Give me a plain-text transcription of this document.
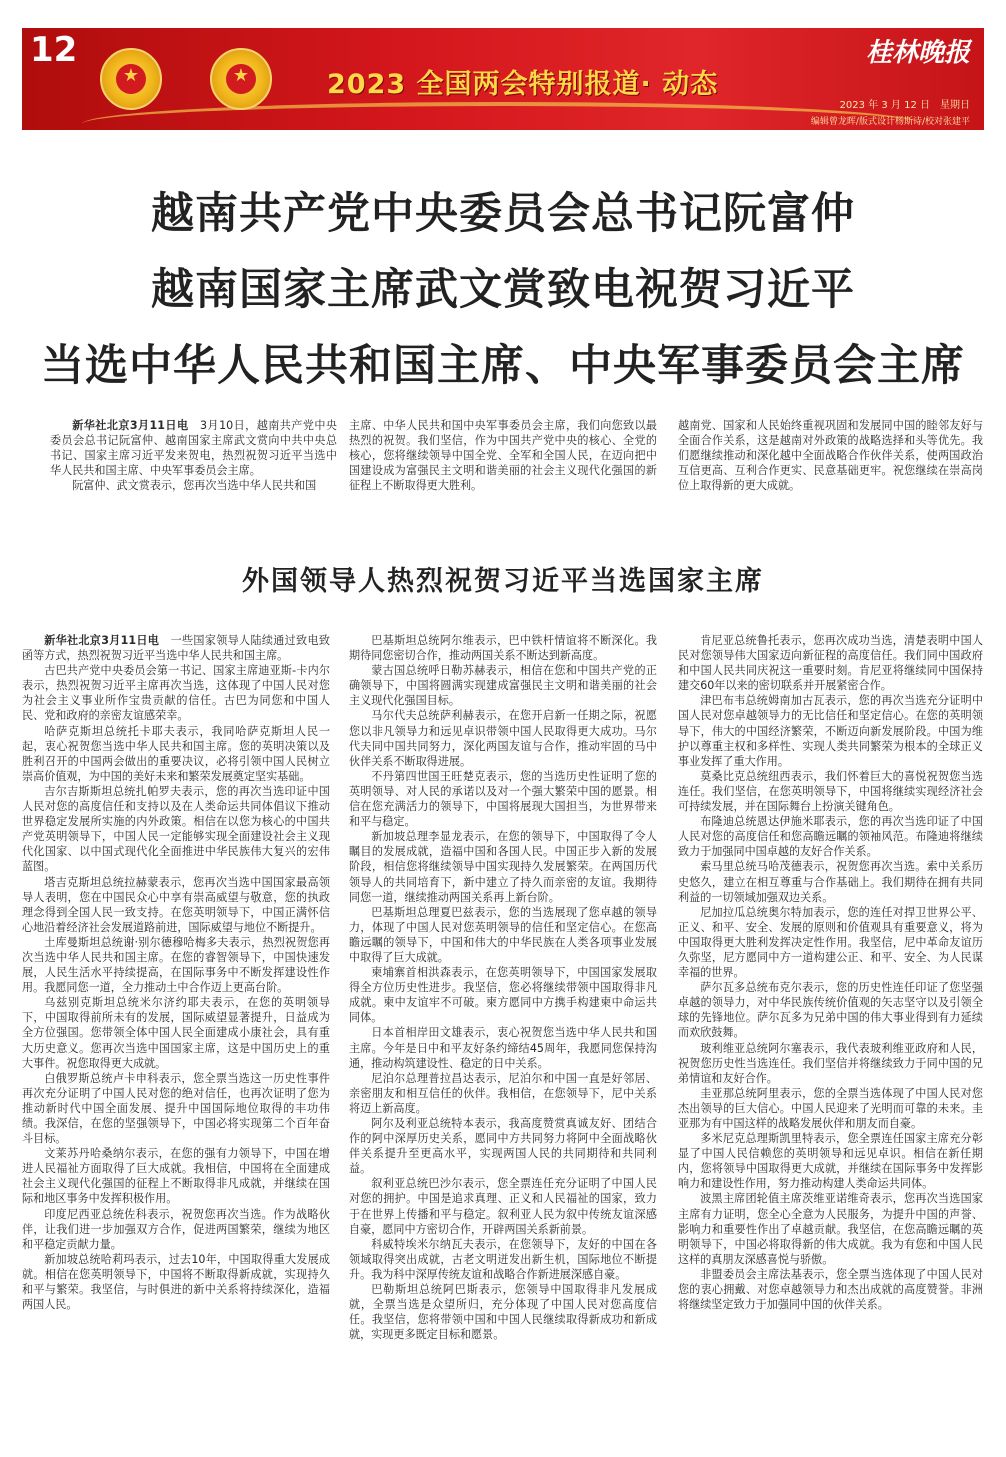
12
★	★	2023 全国两会特别报道· 动态
桂林晚报
2023 年 3 月 12 日　星期日
编辑曾龙晖/版式设计杨斯诗/校对张建平
越南共产党中央委员会总书记阮富仲
越南国家主席武文赏致电祝贺习近平
当选中华人民共和国主席、中央军事委员会主席

新华社北京3月11日电　 3月10日，越南共产党中央委员会总书记阮富仲、越南国家主席武文赏向中共中央总书记、国家主席习近平发来贺电，热烈祝贺习近平当选中华人民共和国主席、中央军事委员会主席。

阮富仲、武文赏表示，您再次当选中华人民共和国

主席、中华人民共和国中央军事委员会主席，我们向您致以最热烈的祝贺。我们坚信，作为中国共产党中央的核心、全党的核心，您将继续领导中国全党、全军和全国人民，在迈向把中国建设成为富强民主文明和谐美丽的社会主义现代化强国的新征程上不断取得更大胜利。

越南党、国家和人民始终重视巩固和发展同中国的睦邻友好与全面合作关系，这是越南对外政策的战略选择和头等优先。我们愿继续推动和深化越中全面战略合作伙伴关系，使两国政治互信更高、互利合作更实、民意基础更牢。祝您继续在崇高岗位上取得新的更大成就。

外国领导人热烈祝贺习近平当选国家主席

新华社北京3月11日电　 一些国家领导人陆续通过致电致函等方式，热烈祝贺习近平当选中华人民共和国主席。

古巴共产党中央委员会第一书记、国家主席迪亚斯-卡内尔表示，热烈祝贺习近平主席再次当选，这体现了中国人民对您为社会主义事业所作宝贵贡献的信任。古巴为同您和中国人民、党和政府的亲密友谊感荣幸。

哈萨克斯坦总统托卡耶夫表示，我同哈萨克斯坦人民一起，衷心祝贺您当选中华人民共和国主席。您的英明决策以及胜利召开的中国两会做出的重要决议，必将引领中国人民树立崇高价值观，为中国的美好未来和繁荣发展奠定坚实基础。

吉尔吉斯斯坦总统扎帕罗夫表示，您的再次当选印证中国人民对您的高度信任和支持以及在人类命运共同体倡议下推动世界稳定发展所实施的内外政策。相信在以您为核心的中国共产党英明领导下，中国人民一定能够实现全面建设社会主义现代化国家、以中国式现代化全面推进中华民族伟大复兴的宏伟蓝图。

塔吉克斯坦总统拉赫蒙表示，您再次当选中国国家最高领导人表明，您在中国民众心中享有崇高威望与敬意，您的执政理念得到全国人民一致支持。在您英明领导下，中国正满怀信心地沿着经济社会发展道路前进，国际威望与地位不断提升。

土库曼斯坦总统谢·别尔德穆哈梅多夫表示，热烈祝贺您再次当选中华人民共和国主席。在您的睿智领导下，中国快速发展，人民生活水平持续提高，在国际事务中不断发挥建设性作用。我愿同您一道，全力推动土中合作迈上更高台阶。

乌兹别克斯坦总统米尔济约耶夫表示，在您的英明领导下，中国取得前所未有的发展，国际威望显著提升，日益成为全方位强国。您带领全体中国人民全面建成小康社会，具有重大历史意义。您再次当选中国国家主席，这是中国历史上的重大事件。祝您取得更大成就。

白俄罗斯总统卢卡申科表示，您全票当选这一历史性事件再次充分证明了中国人民对您的绝对信任，也再次证明了您为推动新时代中国全面发展、提升中国国际地位取得的丰功伟绩。我深信，在您的坚强领导下，中国必将实现第二个百年奋斗目标。

文莱苏丹哈桑纳尔表示，在您的强有力领导下，中国在增进人民福祉方面取得了巨大成就。我相信，中国将在全面建成社会主义现代化强国的征程上不断取得非凡成就，并继续在国际和地区事务中发挥积极作用。

印度尼西亚总统佐科表示，祝贺您再次当选。作为战略伙伴，让我们进一步加强双方合作，促进两国繁荣，继续为地区和平稳定贡献力量。

新加坡总统哈莉玛表示，过去10年，中国取得重大发展成就。相信在您英明领导下，中国将不断取得新成就，实现持久和平与繁荣。我坚信，与时俱进的新中关系将持续深化，造福两国人民。

巴基斯坦总统阿尔维表示，巴中铁杆情谊将不断深化。我期待同您密切合作，推动两国关系不断达到新高度。

蒙古国总统呼日勒苏赫表示，相信在您和中国共产党的正确领导下，中国将圆满实现建成富强民主文明和谐美丽的社会主义现代化强国目标。

马尔代夫总统萨利赫表示，在您开启新一任期之际，祝愿您以非凡领导力和远见卓识带领中国人民取得更大成功。马尔代夫同中国共同努力，深化两国友谊与合作，推动牢固的马中伙伴关系不断取得进展。

不丹第四世国王旺楚克表示，您的当选历史性证明了您的英明领导、对人民的承诺以及对一个强大繁荣中国的愿景。相信在您充满活力的领导下，中国将展现大国担当，为世界带来和平与稳定。

新加坡总理李显龙表示，在您的领导下，中国取得了令人瞩目的发展成就，造福中国和各国人民。中国正步入新的发展阶段，相信您将继续领导中国实现持久发展繁荣。在两国历代领导人的共同培育下，新中建立了持久而亲密的友谊。我期待同您一道，继续推动两国关系再上新台阶。

巴基斯坦总理夏巴兹表示，您的当选展现了您卓越的领导力，体现了中国人民对您英明领导的信任和坚定信心。在您高瞻远瞩的领导下，中国和伟大的中华民族在人类各项事业发展中取得了巨大成就。

柬埔寨首相洪森表示，在您英明领导下，中国国家发展取得全方位历史性进步。我坚信，您必将继续带领中国取得非凡成就。柬中友谊牢不可破。柬方愿同中方携手构建柬中命运共同体。

日本首相岸田文雄表示，衷心祝贺您当选中华人民共和国主席。今年是日中和平友好条约缔结45周年，我愿同您保持沟通，推动构筑建设性、稳定的日中关系。

尼泊尔总理普拉昌达表示，尼泊尔和中国一直是好邻居、亲密朋友和相互信任的伙伴。我相信，在您领导下，尼中关系将迈上新高度。

阿尔及利亚总统特本表示，我高度赞赏真诚友好、团结合作的阿中深厚历史关系，愿同中方共同努力将阿中全面战略伙伴关系提升至更高水平，实现两国人民的共同期待和共同利益。

叙利亚总统巴沙尔表示，您全票连任充分证明了中国人民对您的拥护。中国是追求真理、正义和人民福祉的国家，致力于在世界上传播和平与稳定。叙利亚人民为叙中传统友谊深感自豪，愿同中方密切合作，开辟两国关系新前景。

科威特埃米尔纳瓦夫表示，在您领导下，友好的中国在各领域取得突出成就，古老文明迸发出新生机，国际地位不断提升。我为科中深厚传统友谊和战略合作新进展深感自豪。

巴勒斯坦总统阿巴斯表示，您领导中国取得非凡发展成就，全票当选是众望所归，充分体现了中国人民对您高度信任。我坚信，您将带领中国和中国人民继续取得新成功和新成就，实现更多既定目标和愿景。

肯尼亚总统鲁托表示，您再次成功当选，清楚表明中国人民对您领导伟大国家迈向新征程的高度信任。我们同中国政府和中国人民共同庆祝这一重要时刻。肯尼亚将继续同中国保持建交60年以来的密切联系并开展紧密合作。

津巴布韦总统姆南加古瓦表示，您的再次当选充分证明中国人民对您卓越领导力的无比信任和坚定信心。在您的英明领导下，伟大的中国经济繁荣，不断迈向新发展阶段。中国为维护以尊重主权和多样性、实现人类共同繁荣为根本的全球正义事业发挥了重大作用。

莫桑比克总统纽西表示，我们怀着巨大的喜悦祝贺您当选连任。我们坚信，在您英明领导下，中国将继续实现经济社会可持续发展，并在国际舞台上扮演关键角色。

布隆迪总统恩达伊施米耶表示，您的再次当选印证了中国人民对您的高度信任和您高瞻远瞩的领袖风范。布隆迪将继续致力于加强同中国卓越的友好合作关系。

索马里总统马哈茂德表示，祝贺您再次当选。索中关系历史悠久，建立在相互尊重与合作基础上。我们期待在拥有共同利益的一切领域加强双边关系。

尼加拉瓜总统奥尔特加表示，您的连任对捍卫世界公平、正义、和平、安全、发展的原则和价值观具有重要意义，将为中国取得更大胜利发挥决定性作用。我坚信，尼中革命友谊历久弥坚，尼方愿同中方一道构建公正、和平、安全、为人民谋幸福的世界。

萨尔瓦多总统布克尔表示，您的历史性连任印证了您坚强卓越的领导力，对中华民族传统价值观的矢志坚守以及引领全球的先锋地位。萨尔瓦多为兄弟中国的伟大事业得到有力延续而欢欣鼓舞。

玻利维亚总统阿尔塞表示，我代表玻利维亚政府和人民，祝贺您历史性当选连任。我们坚信并将继续致力于同中国的兄弟情谊和友好合作。

圭亚那总统阿里表示，您的全票当选体现了中国人民对您杰出领导的巨大信心。中国人民迎来了光明而可靠的未来。圭亚那为有中国这样的战略发展伙伴和朋友而自豪。

多米尼克总理斯凯里特表示，您全票连任国家主席充分彰显了中国人民信赖您的英明领导和远见卓识。相信在新任期内，您将领导中国取得更大成就，并继续在国际事务中发挥影响力和建设性作用，努力推动构建人类命运共同体。

波黑主席团轮值主席茨维亚诺维奇表示，您再次当选国家主席有力证明，您全心全意为人民服务，为提升中国的声誉、影响力和重要性作出了卓越贡献。我坚信，在您高瞻远瞩的英明领导下，中国必将取得新的伟大成就。我为有您和中国人民这样的真朋友深感喜悦与骄傲。

非盟委员会主席法基表示，您全票当选体现了中国人民对您的衷心拥戴、对您卓越领导力和杰出成就的高度赞誉。非洲将继续坚定致力于加强同中国的伙伴关系。
